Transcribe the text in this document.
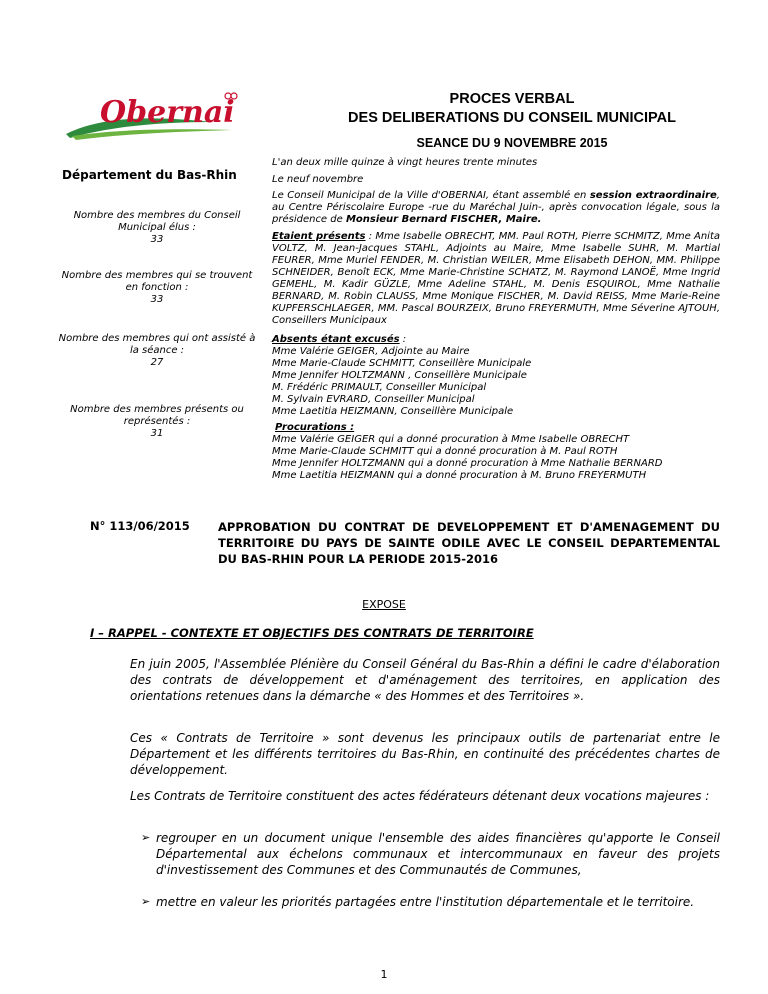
Obernai	PROCES VERBAL
DES DELIBERATIONS DU CONSEIL MUNICIPAL
SEANCE DU 9 NOVEMBRE 2015
Département du Bas-Rhin
Nombre des membres du Conseil Municipal élus :
33
Nombre des membres qui se trouvent en fonction :
33
Nombre des membres qui ont assisté à la séance :
27
Nombre des membres présents ou représentés :
31
L'an deux mille quinze à vingt heures trente minutes
Le neuf novembre
Le Conseil Municipal de la Ville d'OBERNAI, étant assemblé en session extraordinaire, au Centre Périscolaire Europe -rue du Maréchal Juin-, après convocation légale, sous la présidence de Monsieur Bernard FISCHER, Maire.
Etaient présents : Mme Isabelle OBRECHT, MM. Paul ROTH, Pierre SCHMITZ, Mme Anita VOLTZ, M. Jean-Jacques STAHL, Adjoints au Maire, Mme Isabelle SUHR, M. Martial FEURER, Mme Muriel FENDER, M. Christian WEILER, Mme Elisabeth DEHON, MM. Philippe SCHNEIDER, Benoît ECK, Mme Marie-Christine SCHATZ, M. Raymond LANOË, Mme Ingrid GEMEHL, M. Kadir GÜZLE, Mme Adeline STAHL, M. Denis ESQUIROL, Mme Nathalie BERNARD, M. Robin CLAUSS, Mme Monique FISCHER, M. David REISS, Mme Marie-Reine KUPFERSCHLAEGER, MM. Pascal BOURZEIX, Bruno FREYERMUTH, Mme Séverine AJTOUH, Conseillers Municipaux
Absents étant excusés :
Mme Valérie GEIGER, Adjointe au Maire
Mme Marie-Claude SCHMITT, Conseillère Municipale
Mme Jennifer HOLTZMANN , Conseillère Municipale
M. Frédéric PRIMAULT, Conseiller Municipal
M. Sylvain EVRARD, Conseiller Municipal
Mme Laetitia HEIZMANN, Conseillère Municipale
Procurations :
Mme Valérie GEIGER qui a donné procuration à Mme Isabelle OBRECHT
Mme Marie-Claude SCHMITT qui a donné procuration à M. Paul ROTH
Mme Jennifer HOLTZMANN qui a donné procuration à Mme Nathalie BERNARD
Mme Laetitia HEIZMANN qui a donné procuration à M. Bruno FREYERMUTH
N° 113/06/2015 APPROBATION DU CONTRAT DE DEVELOPPEMENT ET D'AMENAGEMENT DU TERRITOIRE DU PAYS DE SAINTE ODILE AVEC LE CONSEIL DEPARTEMENTAL DU BAS-RHIN POUR LA PERIODE 2015-2016
EXPOSE
I – RAPPEL - CONTEXTE ET OBJECTIFS DES CONTRATS DE TERRITOIRE
En juin 2005, l'Assemblée Plénière du Conseil Général du Bas-Rhin a défini le cadre d'élaboration des contrats de développement et d'aménagement des territoires, en application des orientations retenues dans la démarche « des Hommes et des Territoires ».
Ces « Contrats de Territoire » sont devenus les principaux outils de partenariat entre le Département et les différents territoires du Bas-Rhin, en continuité des précédentes chartes de développement.
Les Contrats de Territoire constituent des actes fédérateurs détenant deux vocations majeures :
➢ regrouper en un document unique l'ensemble des aides financières qu'apporte le Conseil Départemental aux échelons communaux et intercommunaux en faveur des projets d'investissement des Communes et des Communautés de Communes,
➢ mettre en valeur les priorités partagées entre l'institution départementale et le territoire.
1
